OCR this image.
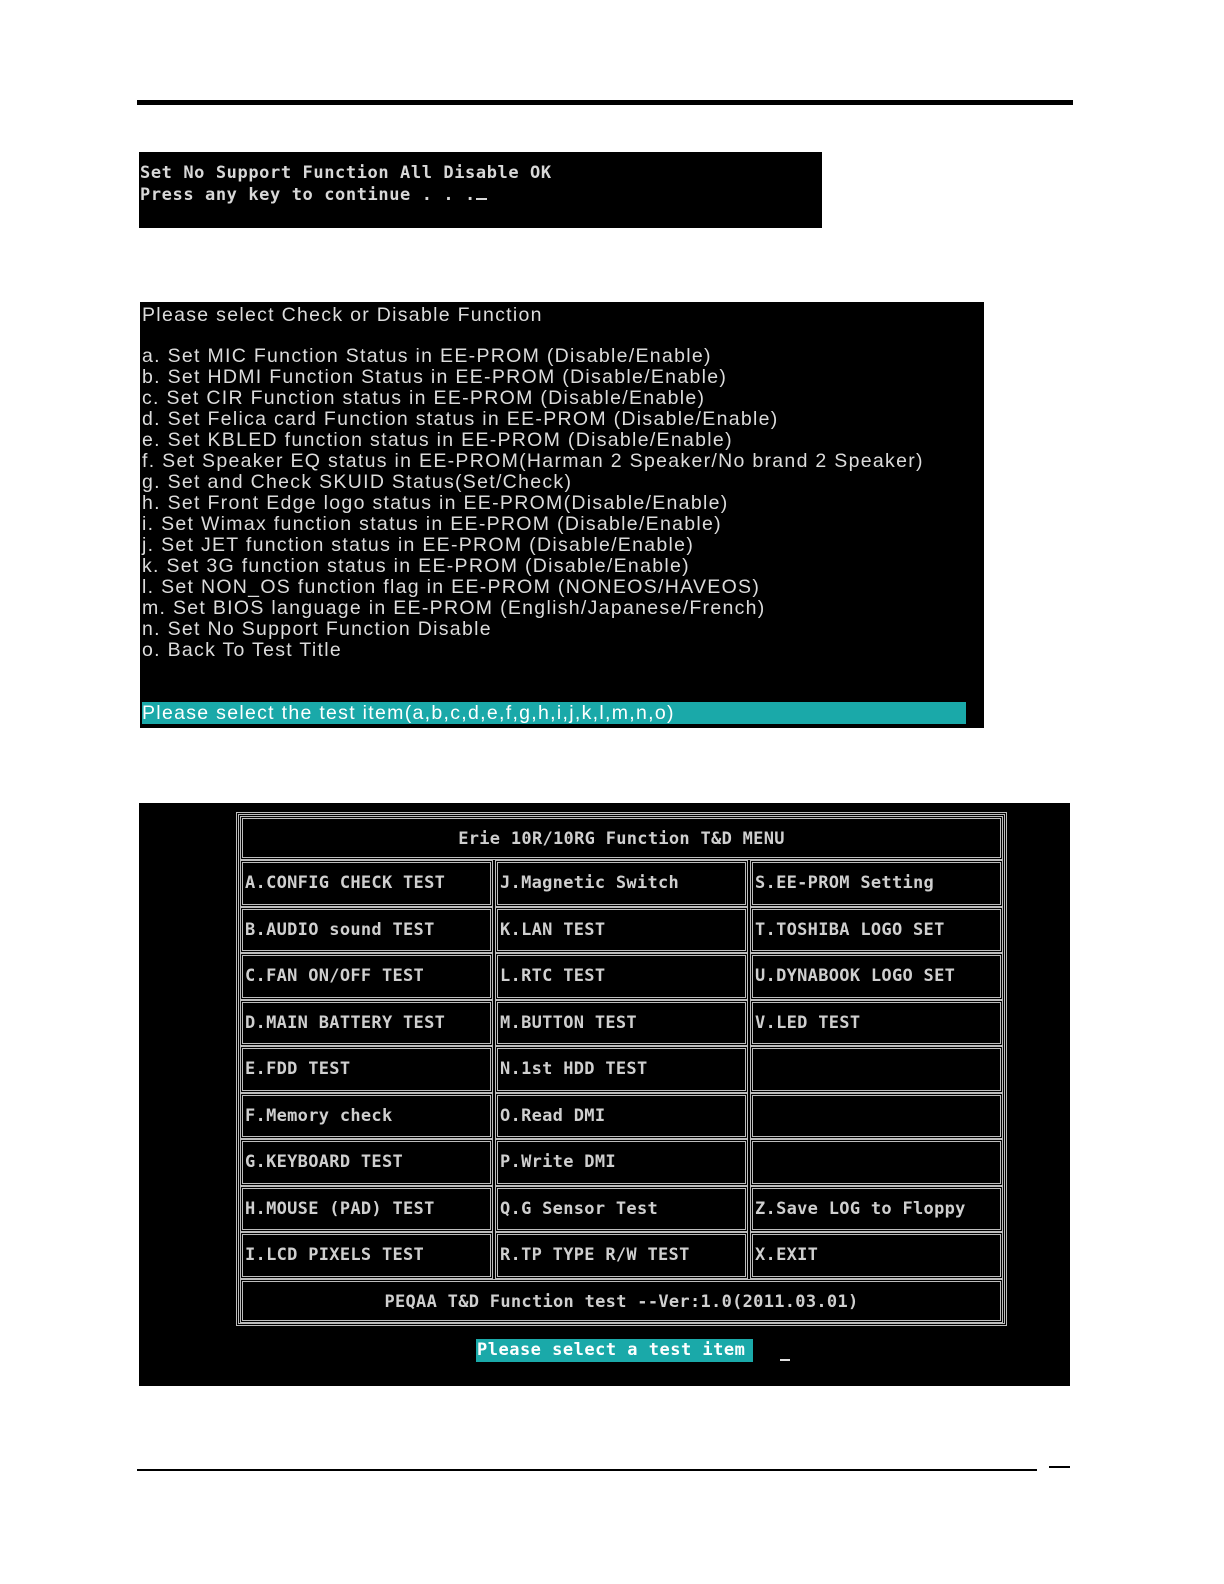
Set No Support Function All Disable OK
Press any key to continue . . .
Please select Check or Disable Function
a. Set MIC Function Status in EE-PROM (Disable/Enable)
b. Set HDMI Function Status in EE-PROM (Disable/Enable)
c. Set CIR Function status in EE-PROM (Disable/Enable)
d. Set Felica card Function status in EE-PROM (Disable/Enable)
e. Set KBLED function status in EE-PROM (Disable/Enable)
f. Set Speaker EQ status in EE-PROM(Harman 2 Speaker/No brand 2 Speaker)
g. Set and Check SKUID Status(Set/Check)
h. Set Front Edge logo status in EE-PROM(Disable/Enable)
i. Set Wimax function status in EE-PROM (Disable/Enable)
j. Set JET function status in EE-PROM (Disable/Enable)
k. Set 3G function status in EE-PROM (Disable/Enable)
l. Set NON_OS function flag in EE-PROM (NONEOS/HAVEOS)
m. Set BIOS language in EE-PROM (English/Japanese/French)
n. Set No Support Function Disable
o. Back To Test Title
Please select the test item(a,b,c,d,e,f,g,h,i,j,k,l,m,n,o)
Erie 10R/10RG Function T&D MENU
A.CONFIG CHECK TEST	J.Magnetic Switch	S.EE-PROM Setting
B.AUDIO sound TEST	K.LAN TEST	T.TOSHIBA LOGO SET
C.FAN ON/OFF TEST	L.RTC TEST	U.DYNABOOK LOGO SET
D.MAIN BATTERY TEST	M.BUTTON TEST	V.LED TEST
E.FDD TEST	N.1st HDD TEST
F.Memory check	O.Read DMI
G.KEYBOARD TEST	P.Write DMI
H.MOUSE (PAD) TEST	Q.G Sensor Test	Z.Save LOG to Floppy
I.LCD PIXELS TEST	R.TP TYPE R/W TEST	X.EXIT
PEQAA T&D Function test --Ver:1.0(2011.03.01)
Please select a test item
